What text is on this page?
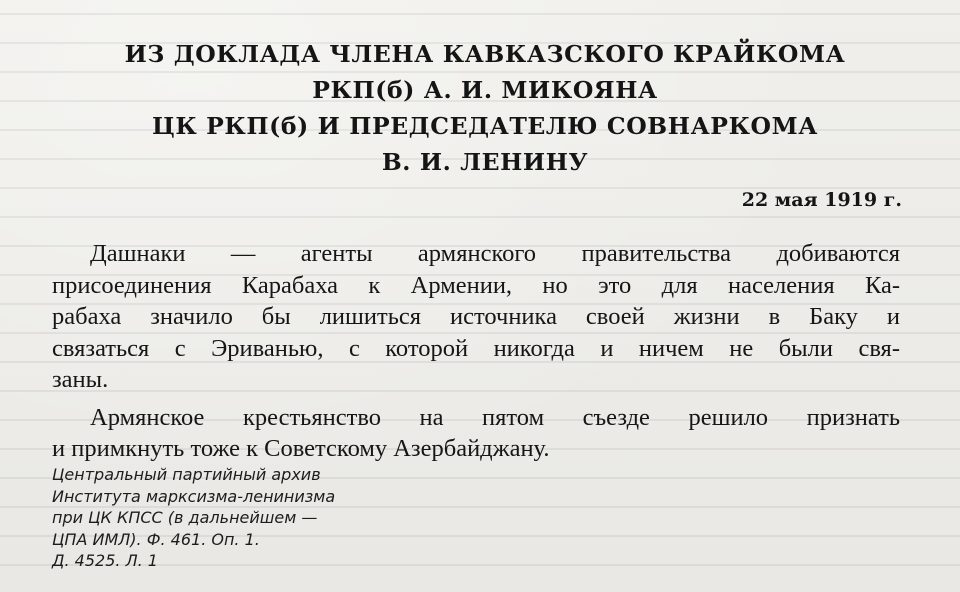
ИЗ ДОКЛАДА ЧЛЕНА КАВКАЗСКОГО КРАЙКОМА
РКП(б) А. И. МИКОЯНА
ЦК РКП(б) И ПРЕДСЕДАТЕЛЮ СОВНАРКОМА
В. И. ЛЕНИНУ
22 мая 1919 г.
Дашнаки — агенты армянского правительства добиваются
присоединения Карабаха к Армении, но это для населения Ка-
рабаха значило бы лишиться источника своей жизни в Баку и
связаться с Эриванью, с которой никогда и ничем не были свя-
заны.
Армянское крестьянство на пятом съезде решило признать
и примкнуть тоже к Советскому Азербайджану.
Центральный партийный архив
Института марксизма-ленинизма
при ЦК КПСС (в дальнейшем —
ЦПА ИМЛ). Ф. 461. Оп. 1.
Д. 4525. Л. 1
